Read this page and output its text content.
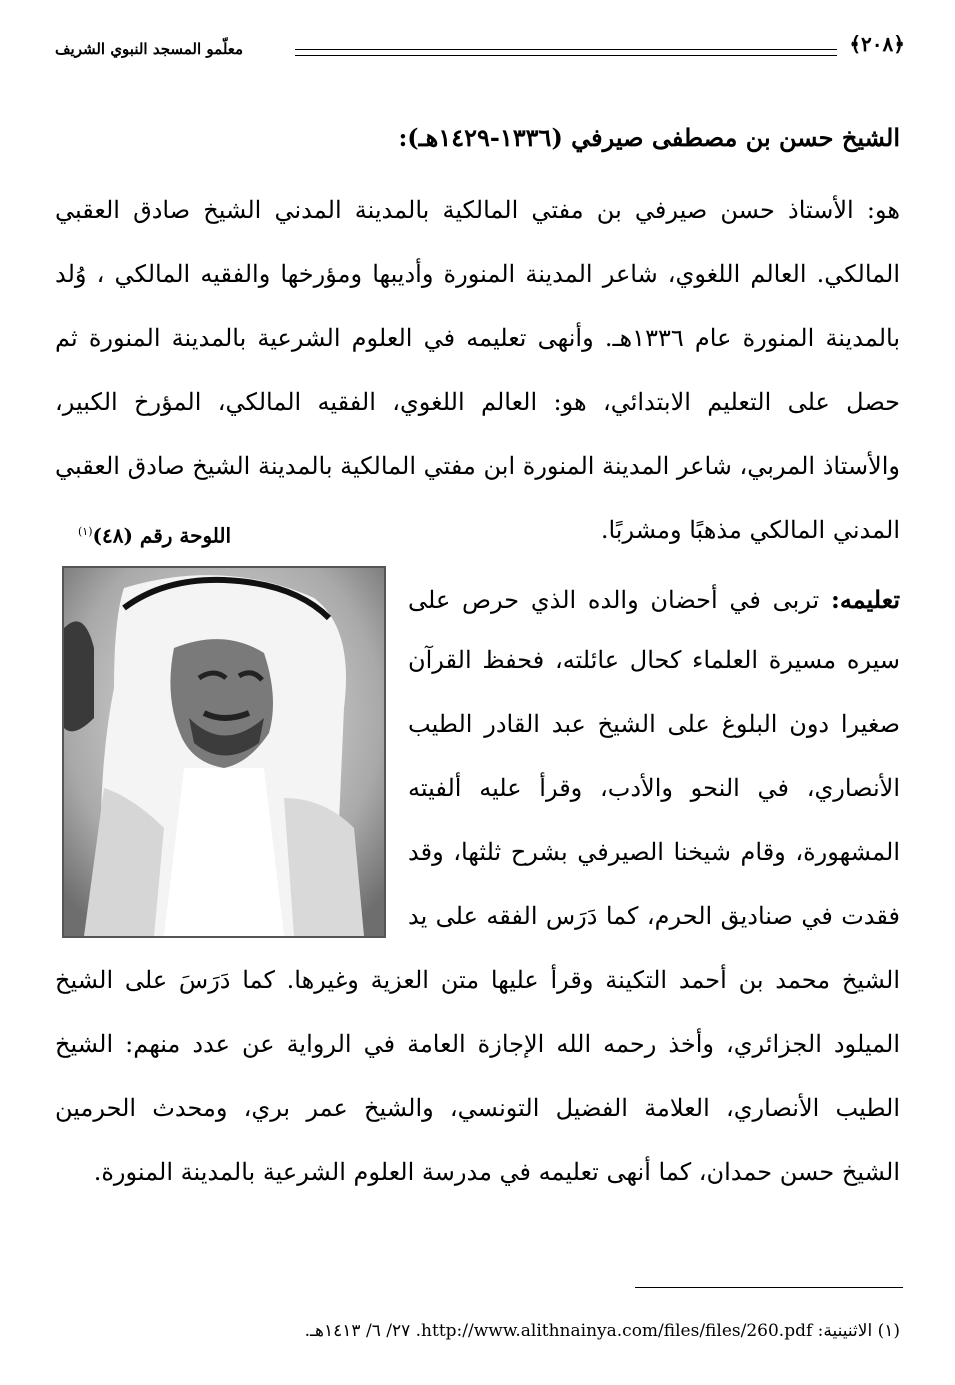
﴿٢٠٨﴾
معلّمو المسجد النبوي الشريف
الشيخ حسن بن مصطفى صيرفي (١٣٣٦-١٤٢٩هـ):
هو: الأستاذ حسن صيرفي بن مفتي المالكية بالمدينة المدني الشيخ صادق العقبي
المالكي. العالم اللغوي، شاعر المدينة المنورة وأديبها ومؤرخها والفقيه المالكي ، وُلد
بالمدينة المنورة عام ١٣٣٦هـ. وأنهى تعليمه في العلوم الشرعية بالمدينة المنورة ثم
حصل على التعليم الابتدائي، هو: العالم اللغوي، الفقيه المالكي، المؤرخ الكبير،
والأستاذ المربي، شاعر المدينة المنورة ابن مفتي المالكية بالمدينة الشيخ صادق العقبي
المدني المالكي مذهبًا ومشربًا.
اللوحة رقم (٤٨)$^{(١)}$
تعليمه: تربى في أحضان والده الذي حرص على
سيره مسيرة العلماء كحال عائلته، فحفظ القرآن
صغيرا دون البلوغ على الشيخ عبد القادر الطيب
الأنصاري، في النحو والأدب، وقرأ عليه ألفيته
المشهورة، وقام شيخنا الصيرفي بشرح ثلثها، وقد
فقدت في صناديق الحرم، كما دَرَس الفقه على يد
الشيخ محمد بن أحمد التكينة وقرأ عليها متن العزية وغيرها. كما دَرَسَ على الشيخ
الميلود الجزائري، وأخذ رحمه الله الإجازة العامة في الرواية عن عدد منهم: الشيخ
الطيب الأنصاري، العلامة الفضيل التونسي، والشيخ عمر بري، ومحدث الحرمين
الشيخ حسن حمدان، كما أنهى تعليمه في مدرسة العلوم الشرعية بالمدينة المنورة.
(١) الاثنينية: http://www.alithnainya.com/files/files/260.pdf. ٢٧/ ٦/ ١٤١٣هـ.
